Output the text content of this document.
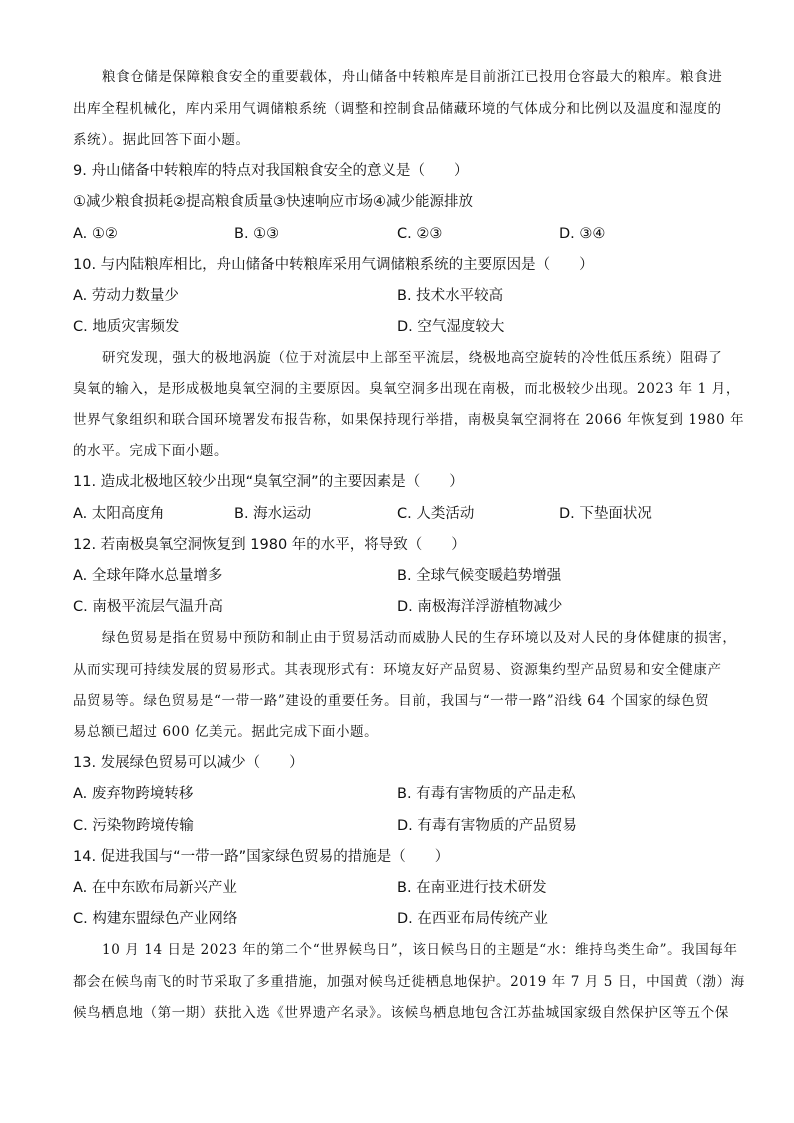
粮食仓储是保障粮食安全的重要载体，舟山储备中转粮库是目前浙江已投用仓容最大的粮库。粮食进
出库全程机械化，库内采用气调储粮系统（调整和控制食品储藏环境的气体成分和比例以及温度和湿度的
系统）。据此回答下面小题。
9. 舟山储备中转粮库的特点对我国粮食安全的意义是（　　）
①减少粮食损耗②提高粮食质量③快速响应市场④减少能源排放
A. ①②	B. ①③	C. ②③	D. ③④
10. 与内陆粮库相比，舟山储备中转粮库采用气调储粮系统的主要原因是（　　）
A. 劳动力数量少	B. 技术水平较高
C. 地质灾害频发	D. 空气湿度较大
研究发现，强大的极地涡旋（位于对流层中上部至平流层，绕极地高空旋转的冷性低压系统）阻碍了
臭氧的输入，是形成极地臭氧空洞的主要原因。臭氧空洞多出现在南极，而北极较少出现。2023 年 1 月，
世界气象组织和联合国环境署发布报告称，如果保持现行举措，南极臭氧空洞将在 2066 年恢复到 1980 年
的水平。完成下面小题。
11. 造成北极地区较少出现“臭氧空洞”的主要因素是（　　）
A. 太阳高度角	B. 海水运动	C. 人类活动	D. 下垫面状况
12. 若南极臭氧空洞恢复到 1980 年的水平，将导致（　　）
A. 全球年降水总量增多	B. 全球气候变暖趋势增强
C. 南极平流层气温升高	D. 南极海洋浮游植物减少
绿色贸易是指在贸易中预防和制止由于贸易活动而威胁人民的生存环境以及对人民的身体健康的损害，
从而实现可持续发展的贸易形式。其表现形式有：环境友好产品贸易、资源集约型产品贸易和安全健康产
品贸易等。绿色贸易是“一带一路”建设的重要任务。目前，我国与“一带一路”沿线 64 个国家的绿色贸
易总额已超过 600 亿美元。据此完成下面小题。
13. 发展绿色贸易可以减少（　　）
A. 废弃物跨境转移	B. 有毒有害物质的产品走私
C. 污染物跨境传输	D. 有毒有害物质的产品贸易
14. 促进我国与“一带一路”国家绿色贸易的措施是（　　）
A. 在中东欧布局新兴产业	B. 在南亚进行技术研发
C. 构建东盟绿色产业网络	D. 在西亚布局传统产业
10 月 14 日是 2023 年的第二个“世界候鸟日”，该日候鸟日的主题是“水：维持鸟类生命”。我国每年
都会在候鸟南飞的时节采取了多重措施，加强对候鸟迁徙栖息地保护。2019 年 7 月 5 日，中国黄（渤）海
候鸟栖息地（第一期）获批入选《世界遗产名录》。该候鸟栖息地包含江苏盐城国家级自然保护区等五个保
